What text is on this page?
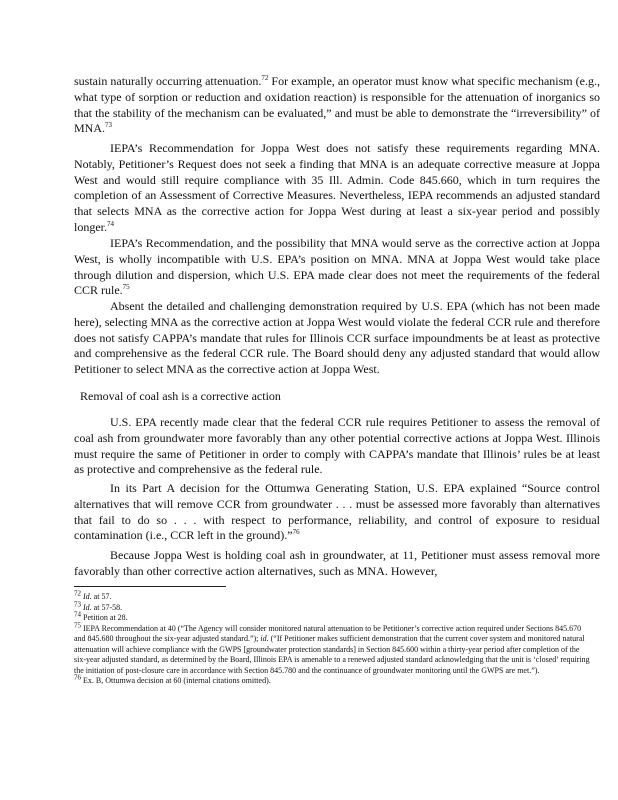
sustain naturally occurring attenuation.$^{72}$ For example, an operator must know what specific mechanism (e.g., what type of sorption or reduction and oxidation reaction) is responsible for the attenuation of inorganics so that the stability of the mechanism can be evaluated,” and must be able to demonstrate the “irreversibility” of MNA.$^{73}$

IEPA’s Recommendation for Joppa West does not satisfy these requirements regarding MNA. Notably, Petitioner’s Request does not seek a finding that MNA is an adequate corrective measure at Joppa West and would still require compliance with 35 Ill. Admin. Code 845.660, which in turn requires the completion of an Assessment of Corrective Measures. Nevertheless, IEPA recommends an adjusted standard that selects MNA as the corrective action for Joppa West during at least a six-year period and possibly longer.$^{74}$

IEPA’s Recommendation, and the possibility that MNA would serve as the corrective action at Joppa West, is wholly incompatible with U.S. EPA’s position on MNA. MNA at Joppa West would take place through dilution and dispersion, which U.S. EPA made clear does not meet the requirements of the federal CCR rule.$^{75}$

Absent the detailed and challenging demonstration required by U.S. EPA (which has not been made here), selecting MNA as the corrective action at Joppa West would violate the federal CCR rule and therefore does not satisfy CAPPA’s mandate that rules for Illinois CCR surface impoundments be at least as protective and comprehensive as the federal CCR rule. The Board should deny any adjusted standard that would allow Petitioner to select MNA as the corrective action at Joppa West.

Removal of coal ash is a corrective action

U.S. EPA recently made clear that the federal CCR rule requires Petitioner to assess the removal of coal ash from groundwater more favorably than any other potential corrective actions at Joppa West. Illinois must require the same of Petitioner in order to comply with CAPPA’s mandate that Illinois’ rules be at least as protective and comprehensive as the federal rule.

In its Part A decision for the Ottumwa Generating Station, U.S. EPA explained “Source control alternatives that will remove CCR from groundwater . . . must be assessed more favorably than alternatives that fail to do so . . . with respect to performance, reliability, and control of exposure to residual contamination (i.e., CCR left in the ground).”$^{76}$

Because Joppa West is holding coal ash in groundwater, at 11, Petitioner must assess removal more favorably than other corrective action alternatives, such as MNA. However,

$^{72}$ Id. at 57.

$^{73}$ Id. at 57-58.

$^{74}$ Petition at 28.

$^{75}$ IEPA Recommendation at 40 (“The Agency will consider monitored natural attenuation to be Petitioner’s corrective action required under Sections 845.670 and 845.680 throughout the six-year adjusted standard.”); id. (“If Petitioner makes sufficient demonstration that the current cover system and monitored natural attenuation will achieve compliance with the GWPS [groundwater protection standards] in Section 845.600 within a thirty-year period after completion of the six-year adjusted standard, as determined by the Board, Illinois EPA is amenable to a renewed adjusted standard acknowledging that the unit is ‘closed’ requiring the initiation of post-closure care in accordance with Section 845.780 and the continuance of groundwater monitoring until the GWPS are met.”).

$^{76}$ Ex. B, Ottumwa decision at 60 (internal citations omitted).
